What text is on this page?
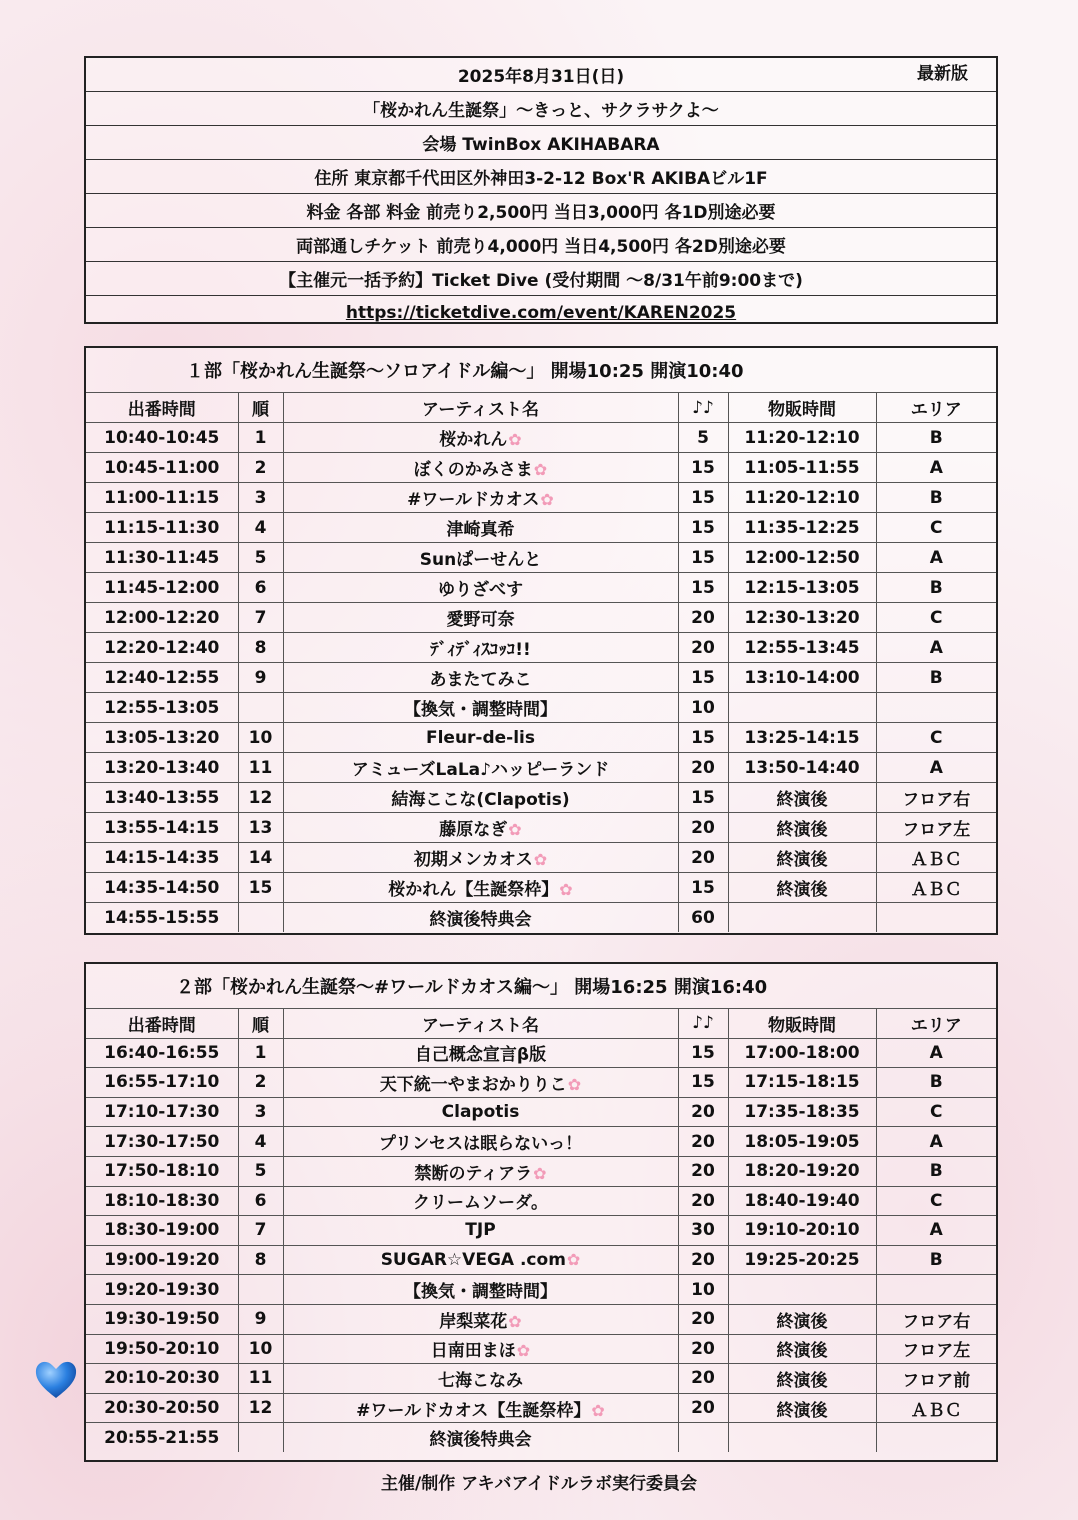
2025年8月31日(日)	最新版
「桜かれん生誕祭」〜きっと、サクラサクよ〜
会場 TwinBox AKIHABARA
住所 東京都千代田区外神田3-2-12 Box'R AKIBAビル1F
料金 各部 料金 前売り2,500円 当日3,000円 各1D別途必要
両部通しチケット 前売り4,000円 当日4,500円 各2D別途必要
【主催元一括予約】Ticket Dive (受付期間 〜8/31午前9:00まで)
https://ticketdive.com/event/KAREN2025
１部「桜かれん生誕祭〜ソロアイドル編〜」 開場10:25 開演10:40					
出番時間	順	アーティスト名	♪♪	物販時間	エリア
10:40-10:45	1	桜かれん✿	5	11:20-12:10	B
10:45-11:00	2	ぼくのかみさま✿	15	11:05-11:55	A
11:00-11:15	3	#ワールドカオス✿	15	11:20-12:10	B
11:15-11:30	4	津崎真希	15	11:35-12:25	C
11:30-11:45	5	Sunぱーせんと	15	12:00-12:50	A
11:45-12:00	6	ゆりざべす	15	12:15-13:05	B
12:00-12:20	7	愛野可奈	20	12:30-13:20	C
12:20-12:40	8	ﾃﾞｨﾃﾞｨｽｺｯｺ!!	20	12:55-13:45	A
12:40-12:55	9	あまたてみこ	15	13:10-14:00	B
12:55-13:05		【換気・調整時間】	10		
13:05-13:20	10	Fleur-de-lis	15	13:25-14:15	C
13:20-13:40	11	アミューズLaLa♪ハッピーランド	20	13:50-14:40	A
13:40-13:55	12	結海ここな(Clapotis)	15	終演後	フロア右
13:55-14:15	13	藤原なぎ✿	20	終演後	フロア左
14:15-14:35	14	初期メンカオス✿	20	終演後	ＡＢＣ
14:35-14:50	15	桜かれん【生誕祭枠】✿	15	終演後	ＡＢＣ
14:55-15:55		終演後特典会	60		
２部「桜かれん生誕祭〜#ワールドカオス編〜」 開場16:25 開演16:40					
出番時間	順	アーティスト名	♪♪	物販時間	エリア
16:40-16:55	1	自己概念宣言β版	15	17:00-18:00	A
16:55-17:10	2	天下統一やまおかりりこ✿	15	17:15-18:15	B
17:10-17:30	3	Clapotis	20	17:35-18:35	C
17:30-17:50	4	プリンセスは眠らないっ！	20	18:05-19:05	A
17:50-18:10	5	禁断のティアラ✿	20	18:20-19:20	B
18:10-18:30	6	クリームソーダ。	20	18:40-19:40	C
18:30-19:00	7	TJP	30	19:10-20:10	A
19:00-19:20	8	SUGAR☆VEGA .com✿	20	19:25-20:25	B
19:20-19:30		【換気・調整時間】	10		
19:30-19:50	9	岸梨菜花✿	20	終演後	フロア右
19:50-20:10	10	日南田まほ✿	20	終演後	フロア左
20:10-20:30	11	七海こなみ	20	終演後	フロア前
20:30-20:50	12	#ワールドカオス【生誕祭枠】✿	20	終演後	ＡＢＣ
20:55-21:55		終演後特典会			
主催/制作 アキバアイドルラボ実行委員会
